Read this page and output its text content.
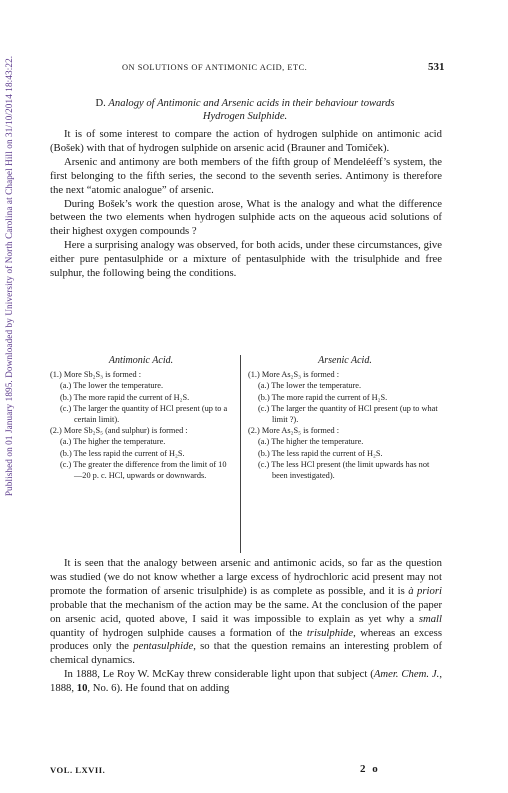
Published on 01 January 1895. Downloaded by University of North Carolina at Chapel Hill on 31/10/2014 18:43:22.	ON SOLUTIONS OF ANTIMONIC ACID, ETC.	531
D. Analogy of Antimonic and Arsenic acids in their behaviour towards
Hydrogen Sulphide.

It is of some interest to compare the action of hydrogen sulphide on antimonic acid (Bošek) with that of hydrogen sulphide on arsenic acid (Brauner and Tomiček).

Arsenic and antimony are both members of the fifth group of Mendeléeff’s system, the first belonging to the fifth series, the second to the seventh series. Antimony is therefore the next “atomic analogue” of arsenic.

During Bošek’s work the question arose, What is the analogy and what the difference between the two elements when hydrogen sulphide acts on the aqueous acid solutions of their highest oxygen compounds ?

Here a surprising analogy was observed, for both acids, under these circumstances, give either pure pentasulphide or a mixture of pentasulphide with the trisulphide and free sulphur, the following being the conditions.

Antimonic Acid.
(1.) More Sb₂S₃ is formed :
(a.) The lower the temperature.
(b.) The more rapid the current of H₂S.
(c.) The larger the quantity of HCl present (up to a certain limit).
(2.) More Sb₂S₅ (and sulphur) is formed :
(a.) The higher the temperature.
(b.) The less rapid the current of H₂S.
(c.) The greater the difference from the limit of 10—20 p. c. HCl, upwards or downwards.
Arsenic Acid.
(1.) More As₂S₃ is formed :
(a.) The lower the temperature.
(b.) The more rapid the current of H₂S.
(c.) The larger the quantity of HCl present (up to what limit ?).
(2.) More As₂S₅ is formed :
(a.) The higher the temperature.
(b.) The less rapid the current of H₂S.
(c.) The less HCl present (the limit upwards has not been investigated).

It is seen that the analogy between arsenic and antimonic acids, so far as the question was studied (we do not know whether a large excess of hydrochloric acid present may not promote the formation of arsenic trisulphide) is as complete as possible, and it is à priori probable that the mechanism of the action may be the same. At the conclusion of the paper on arsenic acid, quoted above, I said it was impossible to explain as yet why a small quantity of hydrogen sulphide causes a formation of the trisulphide, whereas an excess produces only the pentasulphide, so that the question remains an interesting problem of chemical dynamics.

In 1888, Le Roy W. McKay threw considerable light upon that subject (Amer. Chem. J., 1888, 10, No. 6). He found that on adding

VOL. LXVII.	2 o
